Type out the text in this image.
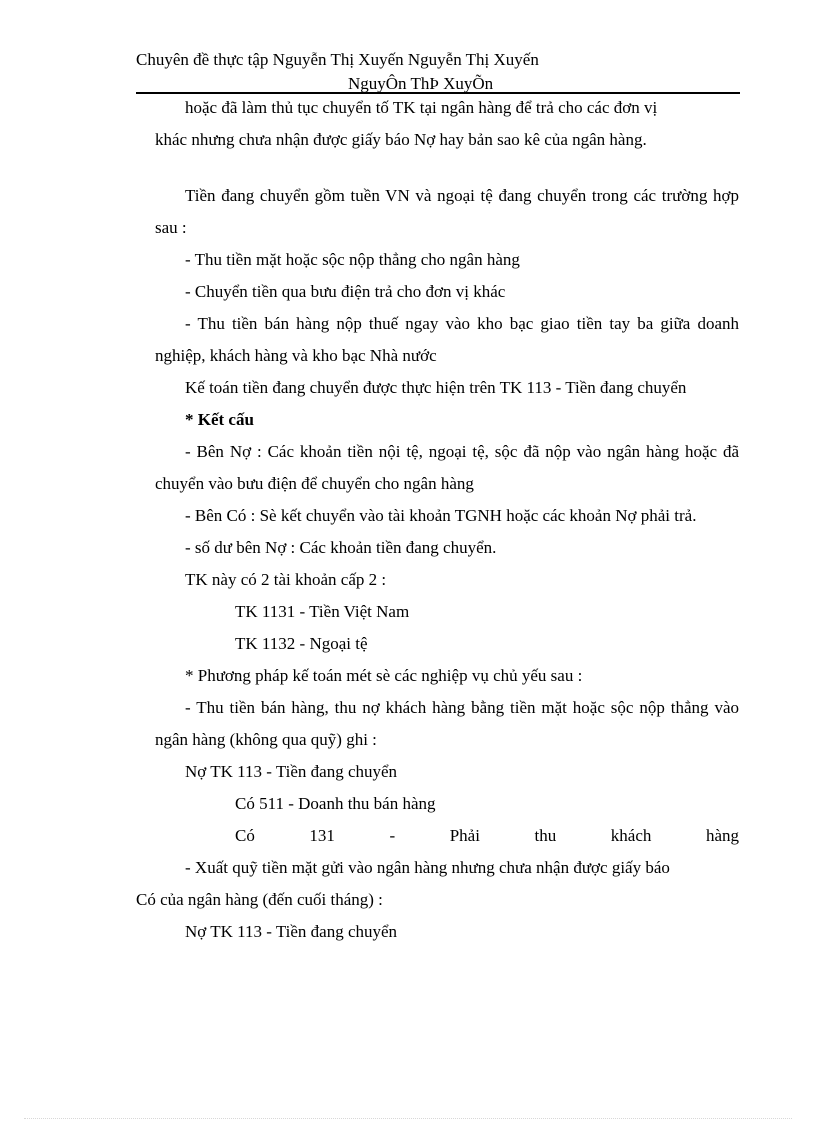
Chuyên đề thực tập Nguyễn Thị Xuyến Nguyễn Thị Xuyến
NguyÔn ThÞ XuyÕn

hoặc đã làm thủ tục chuyển tố TK tại ngân hàng để trả cho các đơn vị

khác nhưng chưa nhận được giấy báo Nợ hay bản sao kê của ngân hàng.

Tiền đang chuyển gồm tuền VN và ngoại tệ đang chuyển trong các trường hợp sau :

- Thu tiền mặt hoặc sộc nộp thẳng cho ngân hàng

- Chuyển tiền qua bưu điện trả cho đơn vị khác

- Thu tiền bán hàng nộp thuế ngay vào kho bạc giao tiền tay ba giữa doanh nghiệp, khách hàng và kho bạc Nhà nước

Kế toán tiền đang chuyển được thực hiện trên TK 113 - Tiền đang chuyển

* Kết cấu

- Bên Nợ : Các khoản tiền nội tệ, ngoại tệ, sộc đã nộp vào ngân hàng hoặc đã chuyển vào bưu điện để chuyển cho ngân hàng

- Bên Có : Sè kết chuyển vào tài khoản TGNH hoặc các khoản Nợ phải trả.

- số dư bên Nợ : Các khoản tiền đang chuyển.

TK này có 2 tài khoản cấp 2 :

TK 1131 - Tiền Việt Nam

TK 1132 - Ngoại tệ

* Phương pháp kế toán mét sè các nghiệp vụ chủ yếu sau :

- Thu tiền bán hàng, thu nợ khách hàng bằng tiền mặt hoặc sộc nộp thẳng vào ngân hàng (không qua quỹ) ghi :

Nợ TK 113 - Tiền đang chuyển

Có 511 - Doanh thu bán hàng

Có	131	-	Phải	thu	khách	hàng

- Xuất quỹ tiền mặt gửi vào ngân hàng nhưng chưa nhận được giấy báo

Có của ngân hàng (đến cuối tháng) :

Nợ TK 113 - Tiền đang chuyển
